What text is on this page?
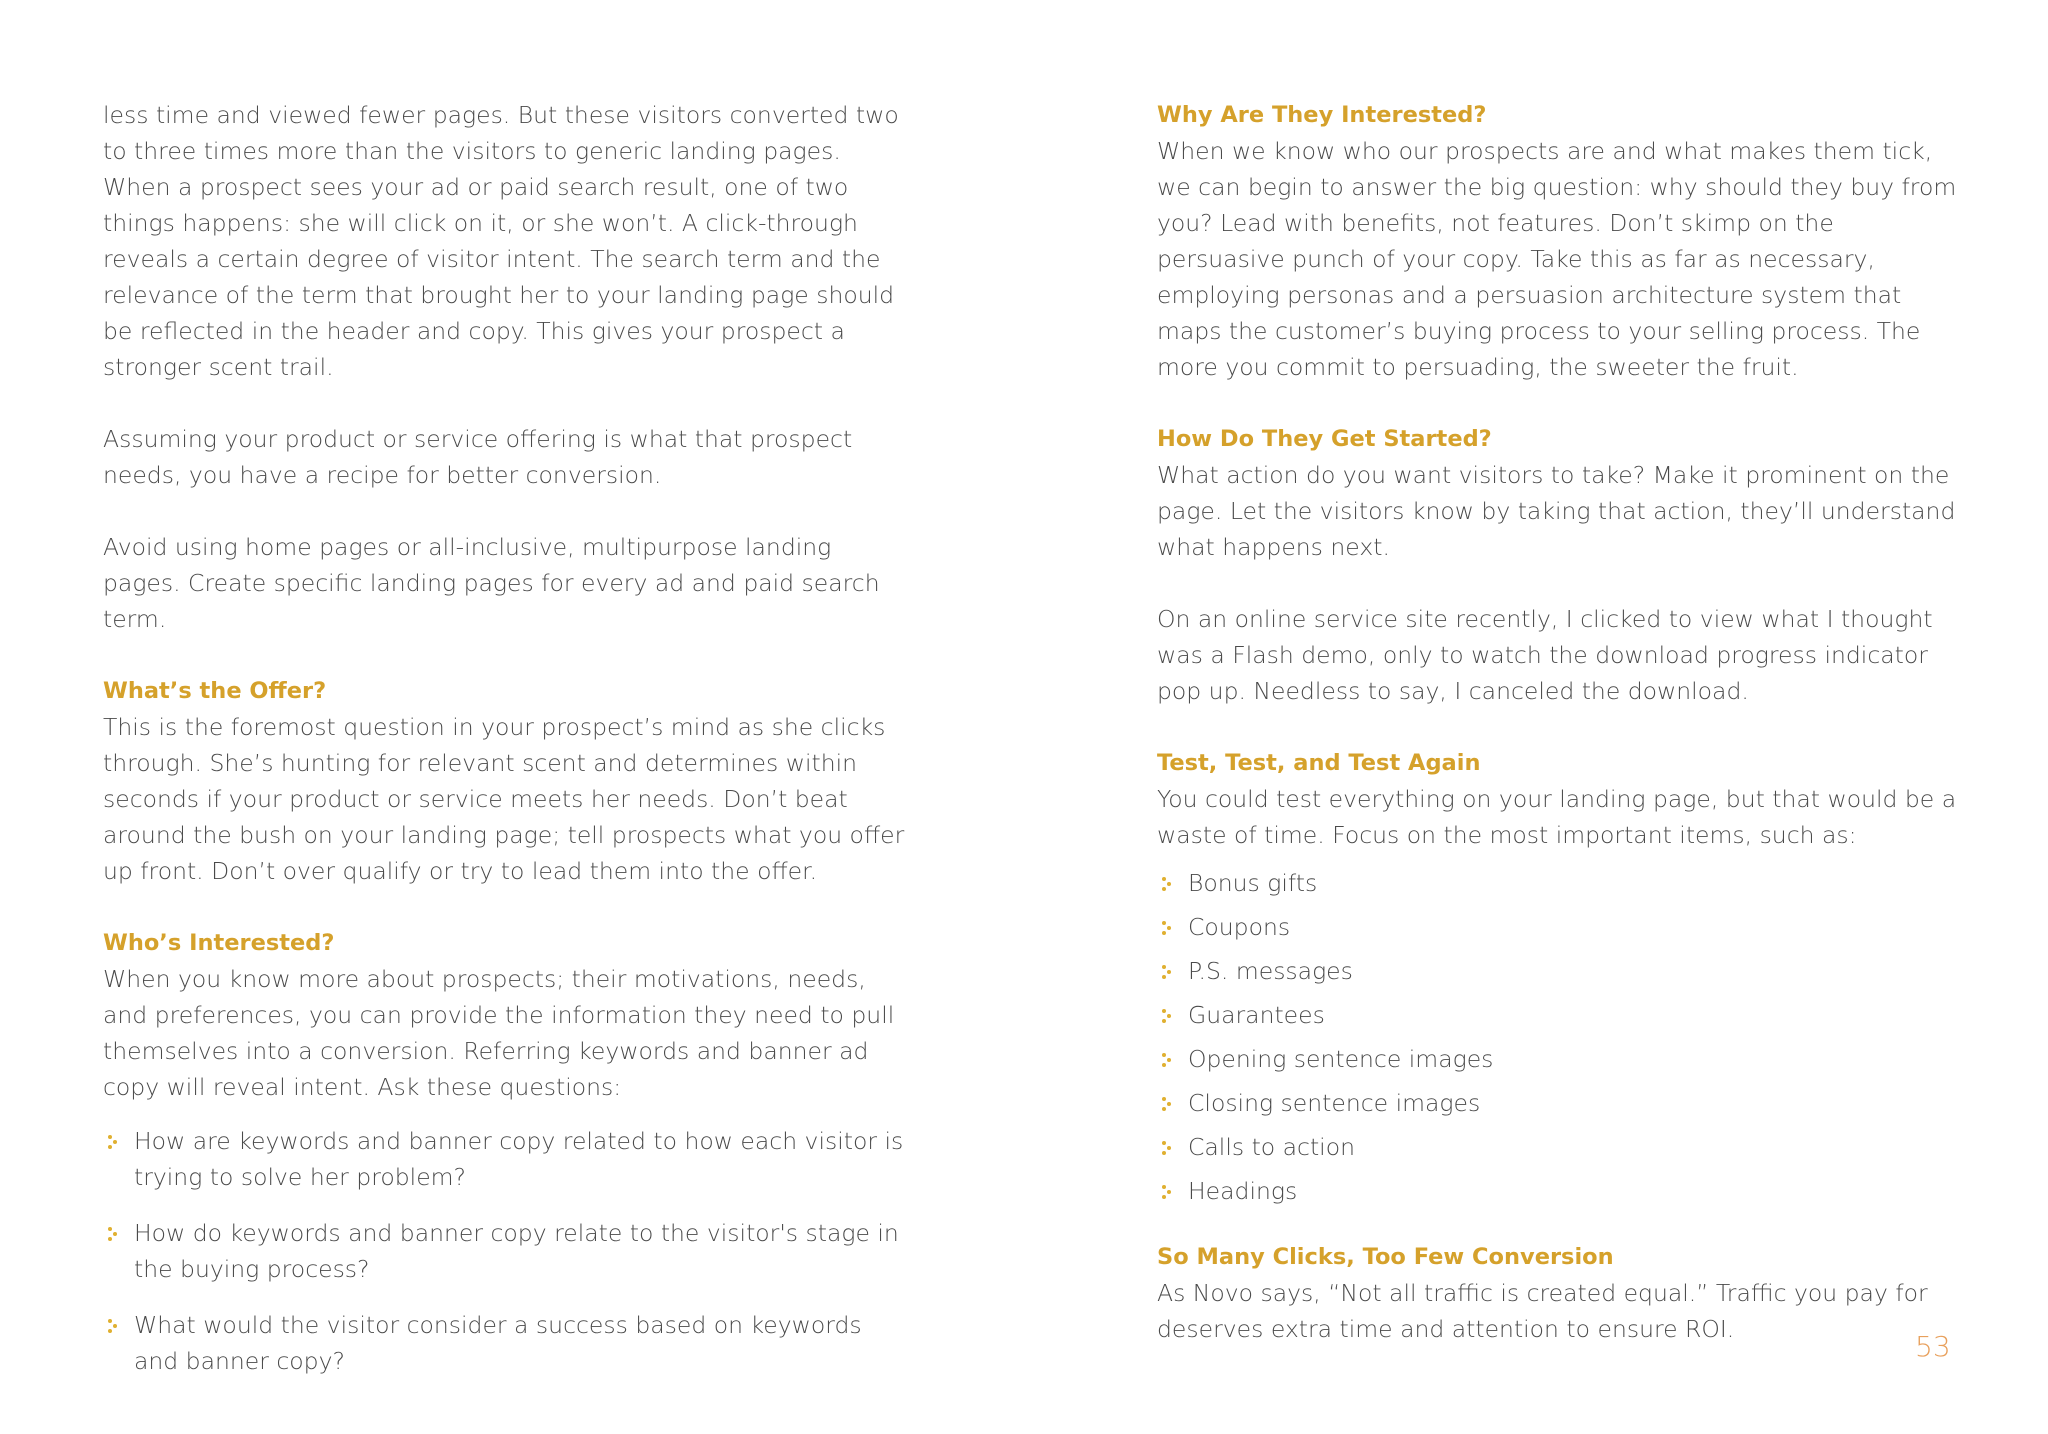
less time and viewed fewer pages. But these visitors converted two to three times more than the visitors to generic landing pages. When a prospect sees your ad or paid search result, one of two things happens: she will click on it, or she won’t. A click-through reveals a certain degree of visitor intent. The search term and the relevance of the term that brought her to your landing page should be reflected in the header and copy. This gives your prospect a stronger scent trail.

Assuming your product or service offering is what that prospect needs, you have a recipe for better conversion.

Avoid using home pages or all-inclusive, multipurpose landing pages. Create specific landing pages for every ad and paid search term.

What’s the Offer?

This is the foremost question in your prospect’s mind as she clicks through. She’s hunting for relevant scent and determines within seconds if your product or service meets her needs. Don’t beat around the bush on your landing page; tell prospects what you offer up front. Don’t over qualify or try to lead them into the offer.

Who’s Interested?

When you know more about prospects; their motivations, needs, and preferences, you can provide the information they need to pull themselves into a conversion. Referring keywords and banner ad copy will reveal intent. Ask these questions:

How are keywords and banner copy related to how each visitor is trying to solve her problem?
How do keywords and banner copy relate to the visitor's stage in the buying process?
What would the visitor consider a success based on keywords and banner copy?
Why Are They Interested?

When we know who our prospects are and what makes them tick, we can begin to answer the big question: why should they buy from you? Lead with benefits, not features. Don’t skimp on the persuasive punch of your copy. Take this as far as necessary, employing personas and a persuasion architecture system that maps the customer’s buying process to your selling process. The more you commit to persuading, the sweeter the fruit.

How Do They Get Started?

What action do you want visitors to take? Make it prominent on the page. Let the visitors know by taking that action, they’ll understand what happens next.

On an online service site recently, I clicked to view what I thought was a Flash demo, only to watch the download progress indicator pop up. Needless to say, I canceled the download.

Test, Test, and Test Again

You could test everything on your landing page, but that would be a waste of time. Focus on the most important items, such as:

Bonus gifts
Coupons
P.S. messages
Guarantees
Opening sentence images
Closing sentence images
Calls to action
Headings
So Many Clicks, Too Few Conversion

As Novo says, “Not all traffic is created equal.” Traffic you pay for deserves extra time and attention to ensure ROI.

53
